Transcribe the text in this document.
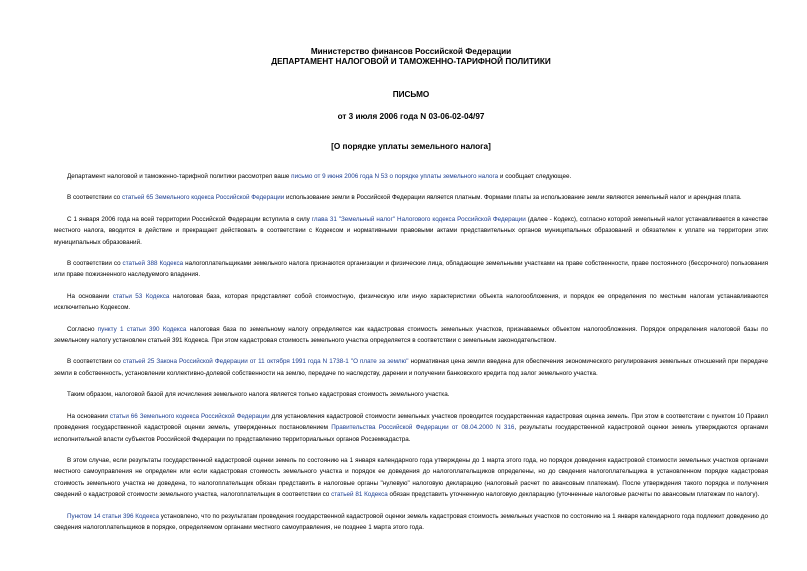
Министерство финансов Российской Федерации
ДЕПАРТАМЕНТ НАЛОГОВОЙ И ТАМОЖЕННО-ТАРИФНОЙ ПОЛИТИКИ
ПИСЬМО
от 3 июля 2006 года N 03-06-02-04/97
[О порядке уплаты земельного налога]

Департамент налоговой и таможенно-тарифной политики рассмотрел ваше письмо от 9 июня 2006 года N 53 о порядке уплаты земельного налога и сообщает следующее.

В соответствии со статьей 65 Земельного кодекса Российской Федерации использование земли в Российской Федерации является платным. Формами платы за использование земли являются земельный налог и арендная плата.

С 1 января 2006 года на всей территории Российской Федерации вступила в силу глава 31 "Земельный налог" Налогового кодекса Российской Федерации (далее - Кодекс), согласно которой земельный налог устанавливается в качестве местного налога, вводится в действие и прекращает действовать в соответствии с Кодексом и нормативными правовыми актами представительных органов муниципальных образований и обязателен к уплате на территории этих муниципальных образований.

В соответствии со статьей 388 Кодекса налогоплательщиками земельного налога признаются организации и физические лица, обладающие земельными участками на праве собственности, праве постоянного (бессрочного) пользования или праве пожизненного наследуемого владения.

На основании статьи 53 Кодекса налоговая база, которая представляет собой стоимостную, физическую или иную характеристики объекта налогообложения, и порядок ее определения по местным налогам устанавливаются исключительно Кодексом.

Согласно пункту 1 статьи 390 Кодекса налоговая база по земельному налогу определяется как кадастровая стоимость земельных участков, признаваемых объектом налогообложения. Порядок определения налоговой базы по земельному налогу установлен статьей 391 Кодекса. При этом кадастровая стоимость земельного участка определяется в соответствии с земельным законодательством.

В соответствии со статьей 25 Закона Российской Федерации от 11 октября 1991 года N 1738-1 "О плате за землю" нормативная цена земли введена для обеспечения экономического регулирования земельных отношений при передаче земли в собственность, установлении коллективно-долевой собственности на землю, передаче по наследству, дарении и получении банковского кредита под залог земельного участка.

Таким образом, налоговой базой для исчисления земельного налога является только кадастровая стоимость земельного участка.

На основании статьи 66 Земельного кодекса Российской Федерации для установления кадастровой стоимости земельных участков проводится государственная кадастровая оценка земель. При этом в соответствии с пунктом 10 Правил проведения государственной кадастровой оценки земель, утвержденных постановлением Правительства Российской Федерации от 08.04.2000 N 316, результаты государственной кадастровой оценки земель утверждаются органами исполнительной власти субъектов Российской Федерации по представлению территориальных органов Росземкадастра.

В этом случае, если результаты государственной кадастровой оценки земель по состоянию на 1 января календарного года утверждены до 1 марта этого года, но порядок доведения кадастровой стоимости земельных участков органами местного самоуправления не определен или если кадастровая стоимость земельного участка и порядок ее доведения до налогоплательщиков определены, но до сведения налогоплательщика в установленном порядке кадастровая стоимость земельного участка не доведена, то налогоплательщик обязан представить в налоговые органы "нулевую" налоговую декларацию (налоговый расчет по авансовым платежам). После утверждения такого порядка и получения сведений о кадастровой стоимости земельного участка, налогоплательщик в соответствии со статьей 81 Кодекса обязан представить уточненную налоговую декларацию (уточненные налоговые расчеты по авансовым платежам по налогу).

Пунктом 14 статьи 396 Кодекса установлено, что по результатам проведения государственной кадастровой оценки земель кадастровая стоимость земельных участков по состоянию на 1 января календарного года подлежит доведению до сведения налогоплательщиков в порядке, определяемом органами местного самоуправления, не позднее 1 марта этого года.
